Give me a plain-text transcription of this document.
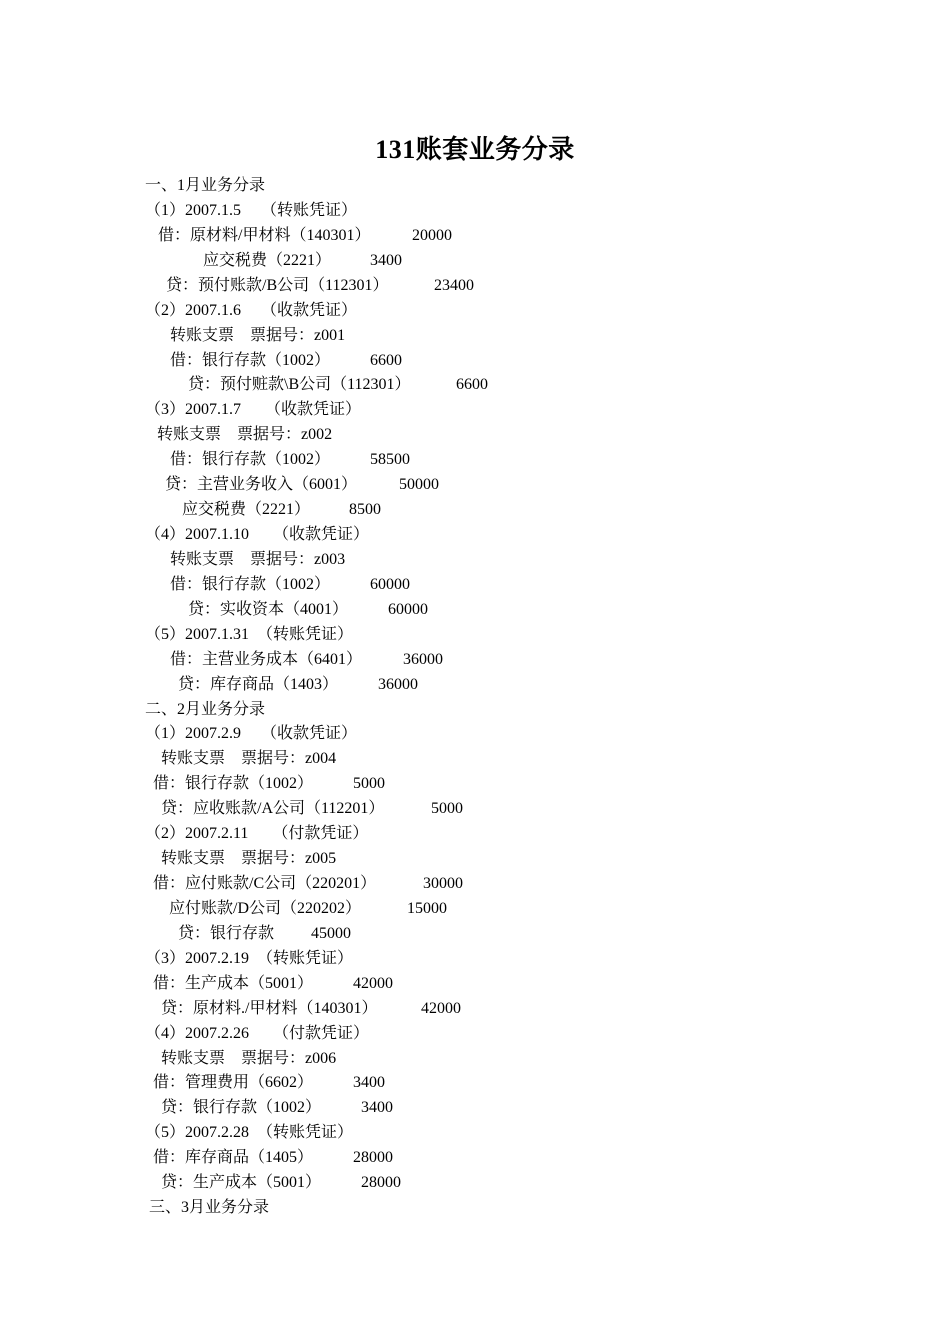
131账套业务分录
一、1月业务分录
（1）2007.1.5　 （转账凭证）
借：原材料/甲材料（140301）	20000
应交税费（2221） 3400
贷：预付账款/B公司（112301）	23400
（2）2007.1.6　 （收款凭证）
转账支票　票据号：z001
借：银行存款（1002） 6600
贷：预付赃款\B公司（112301）	6600
（3）2007.1.7　　（收款凭证）
转账支票　票据号：z002
借：银行存款（1002） 58500
贷：主营业务收入（6001）	50000
应交税费（2221） 8500
（4）2007.1.10　　（收款凭证）
转账支票　票据号：z003
借：银行存款（1002） 60000
贷：实收资本（4001） 60000
（5）2007.1.31　（转账凭证）
借：主营业务成本（6401）	36000
贷：库存商品（1403） 36000
二、2月业务分录
（1）2007.2.9　 （收款凭证）
转账支票　票据号：z004
借：银行存款（1002） 5000
贷：应收账款/A公司（112201）	5000
（2）2007.2.11　　（付款凭证）
转账支票　票据号：z005
借：应付账款/C公司（220201）	30000
应付账款/D公司（220202）	15000
贷：银行存款 45000
（3）2007.2.19　（转账凭证）
借：生产成本（5001） 42000
贷：原材料./甲材料（140301）	42000
（4）2007.2.26　　（付款凭证）
转账支票　票据号：z006
借：管理费用（6602） 3400
贷：银行存款（1002） 3400
（5）2007.2.28　（转账凭证）
借：库存商品（1405） 28000
贷：生产成本（5001） 28000
三、3月业务分录
